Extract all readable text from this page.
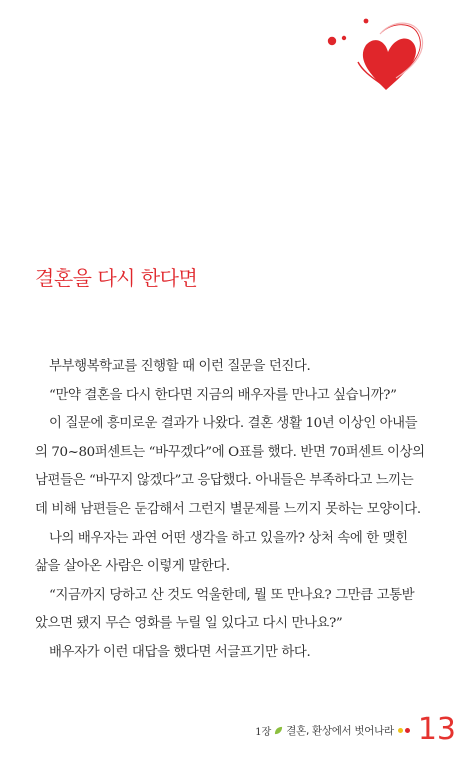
결혼을 다시 한다면
부부행복학교를 진행할 때 이런 질문을 던진다.
“만약 결혼을 다시 한다면 지금의 배우자를 만나고 싶습니까?”
이 질문에 흥미로운 결과가 나왔다. 결혼 생활 10년 이상인 아내들
의 70~80퍼센트는 “바꾸겠다”에 O표를 했다. 반면 70퍼센트 이상의
남편들은 “바꾸지 않겠다”고 응답했다. 아내들은 부족하다고 느끼는
데 비해 남편들은 둔감해서 그런지 별문제를 느끼지 못하는 모양이다.
나의 배우자는 과연 어떤 생각을 하고 있을까? 상처 속에 한 맺힌
삶을 살아온 사람은 이렇게 말한다.
“지금까지 당하고 산 것도 억울한데, 뭘 또 만나요? 그만큼 고통받
았으면 됐지 무슨 영화를 누릴 일 있다고 다시 만나요?”
배우자가 이런 대답을 했다면 서글프기만 하다.
1장 결혼, 환상에서 벗어나라 13
